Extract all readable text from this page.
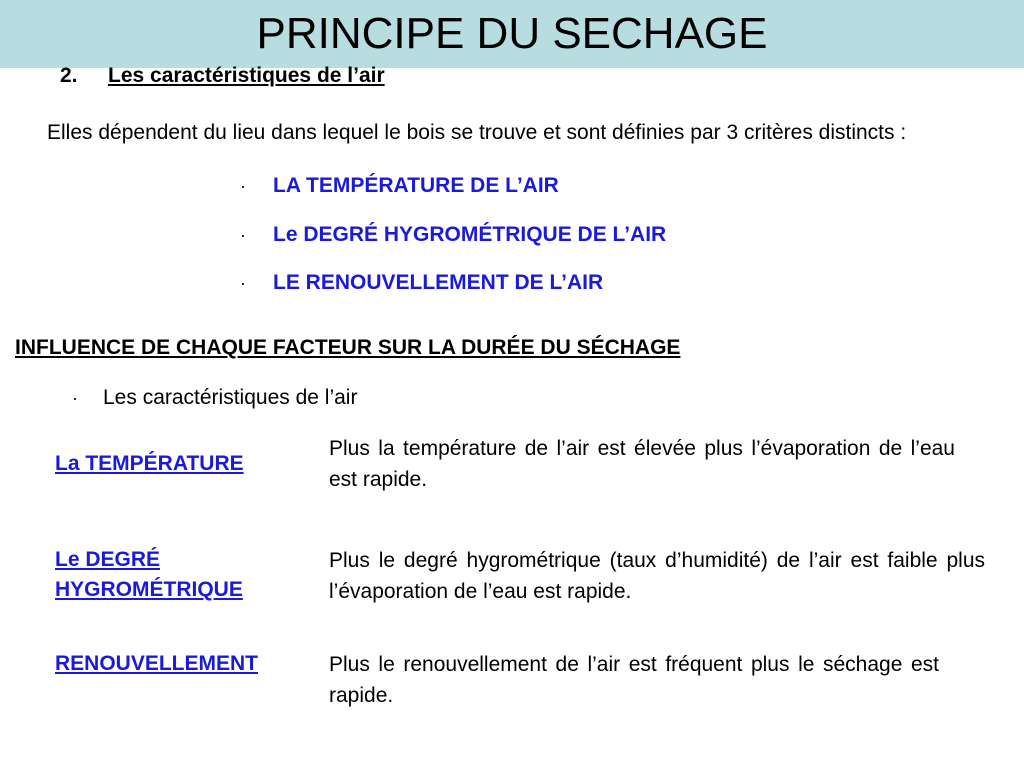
PRINCIPE DU SECHAGE
2. Les caractéristiques de l’air
Elles dépendent du lieu dans lequel le bois se trouve et sont définies par 3 critères distincts :
· LA TEMPÉRATURE DE L’AIR
· Le DEGRÉ HYGROMÉTRIQUE DE L’AIR
· LE RENOUVELLEMENT DE L’AIR
INFLUENCE DE CHAQUE FACTEUR SUR LA DURÉE DU SÉCHAGE
· Les caractéristiques de l’air
La TEMPÉRATURE
Plus la température de l’air est élevée plus l’évaporation de l’eau est rapide.
Le DEGRÉ HYGROMÉTRIQUE
Plus le degré hygrométrique (taux d’humidité) de l’air est faible plus l’évaporation de l’eau est rapide.
RENOUVELLEMENT	Plus le renouvellement de l’air est fréquent plus le séchage est rapide.
